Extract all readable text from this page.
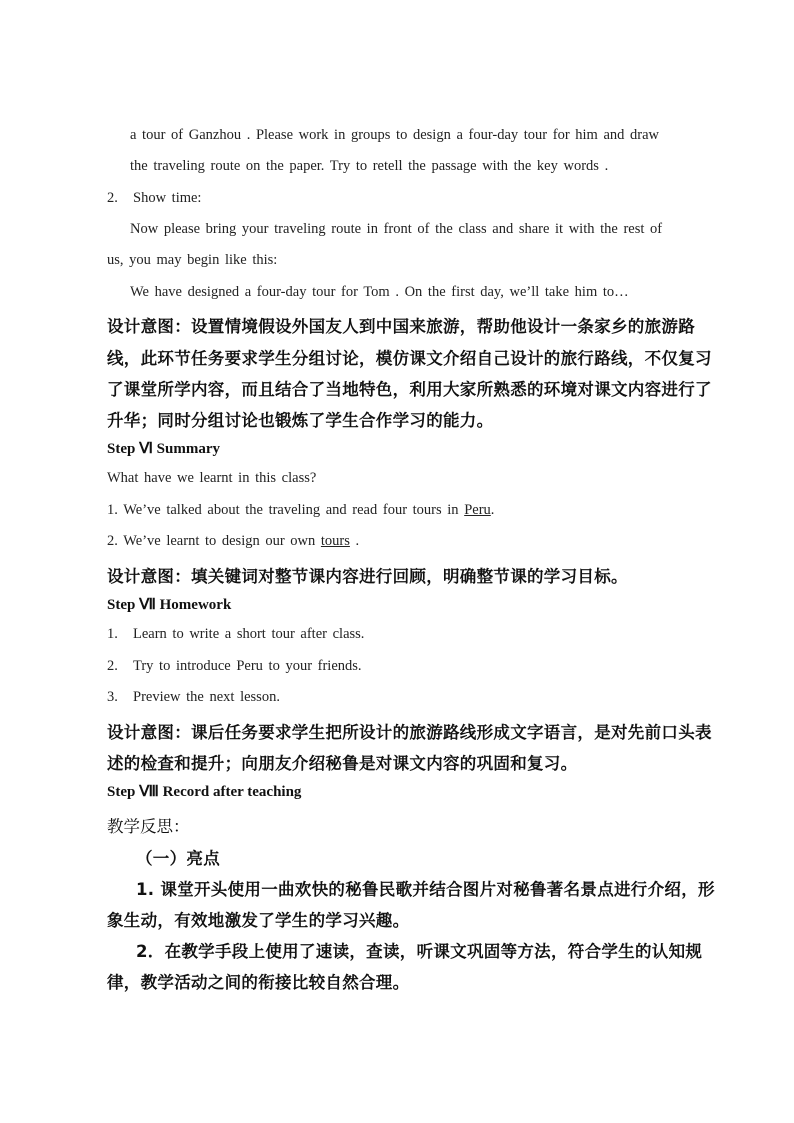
a tour of Ganzhou . Please work in groups to design a four-day tour for him and draw
the traveling route on the paper. Try to retell the passage with the key words .
2. Show time:
Now please bring your traveling route in front of the class and share it with the rest of
us, you may begin like this:
We have designed a four-day tour for Tom . On the first day, we’ll take him to…
设计意图：设置情境假设外国友人到中国来旅游，帮助他设计一条家乡的旅游路
线，此环节任务要求学生分组讨论，模仿课文介绍自己设计的旅行路线，不仅复习
了课堂所学内容，而且结合了当地特色，利用大家所熟悉的环境对课文内容进行了
升华；同时分组讨论也锻炼了学生合作学习的能力。
Step Ⅵ Summary
What have we learnt in this class?
1. We’ve talked about the traveling and read four tours in Peru.
2. We’ve learnt to design our own tours .
设计意图：填关键词对整节课内容进行回顾，明确整节课的学习目标。
Step Ⅶ Homework
1. Learn to write a short tour after class.
2. Try to introduce Peru to your friends.
3. Preview the next lesson.
设计意图：课后任务要求学生把所设计的旅游路线形成文字语言，是对先前口头表
述的检查和提升；向朋友介绍秘鲁是对课文内容的巩固和复习。
Step Ⅷ Record after teaching
教学反思：
（一）亮点
1. 课堂开头使用一曲欢快的秘鲁民歌并结合图片对秘鲁著名景点进行介绍，形
象生动，有效地激发了学生的学习兴趣。
2．在教学手段上使用了速读，查读，听课文巩固等方法，符合学生的认知规
律，教学活动之间的衔接比较自然合理。
